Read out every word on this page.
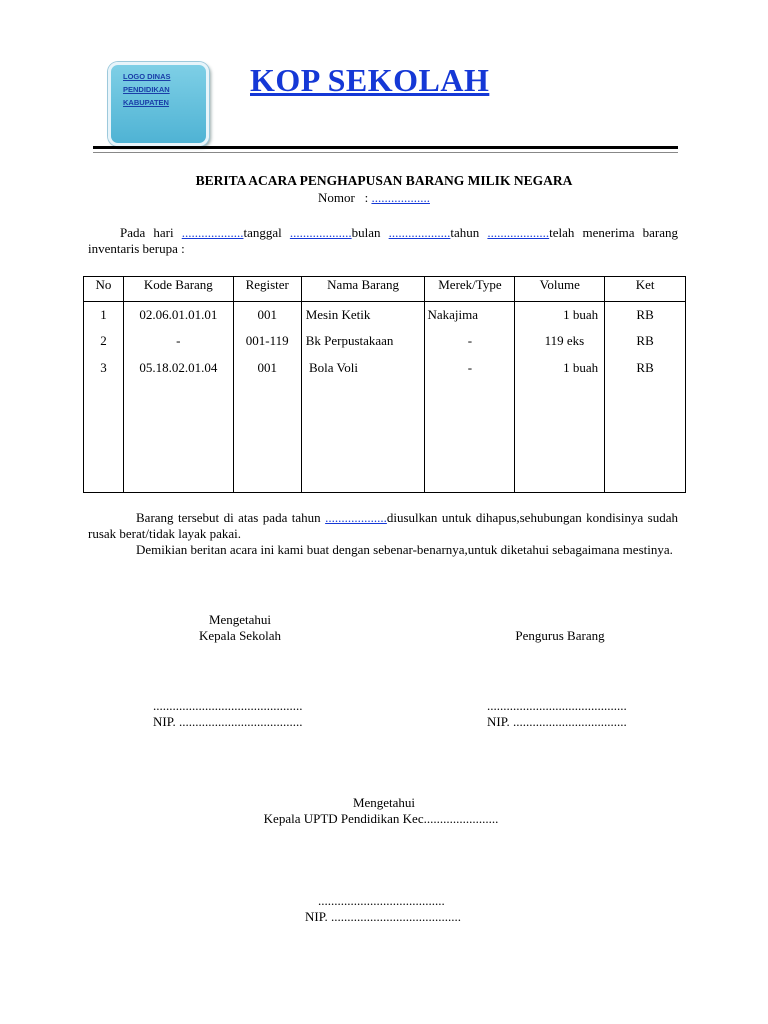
LOGO DINAS
PENDIDIKAN
KABUPATEN
KOP SEKOLAH
BERITA ACARA PENGHAPUSAN BARANG MILIK NEGARA
Nomor   : ..................
Pada hari ...................tanggal ...................bulan ...................tahun ...................telah menerima barang inventaris berupa :
No	Kode Barang	Register	Nama Barang	Merek/Type	Volume	Ket
1	02.06.01.01.01	001	Mesin Ketik	Nakajima	1 buah	RB
2	-	001-119	Bk Perpustakaan	-	119 eks	RB
3	05.18.02.01.04	001	Bola Voli	-	1 buah	RB
Barang tersebut di atas pada tahun ...................diusulkan untuk dihapus,sehubungan kondisinya sudah rusak berat/tidak layak pakai.
Demikian beritan acara ini kami buat dengan sebenar-benarnya,untuk diketahui sebagaimana mestinya.
Mengetahui
Kepala Sekolah	Pengurus Barang
..............................................
NIP. ......................................
...........................................
NIP. ...................................
Mengetahui
Kepala UPTD Pendidikan Kec.......................
.......................................
NIP. ........................................
